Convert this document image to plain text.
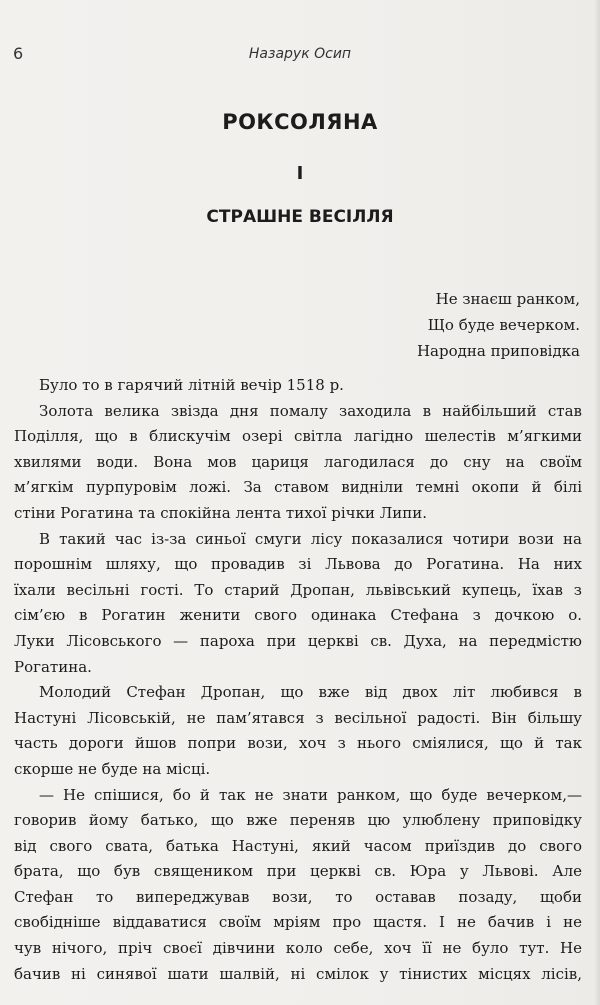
6	Назарук Осип
РОКСОЛЯНА
I
СТРАШНЕ ВЕСІЛЛЯ
Не знаєш ранком,
Що буде вечерком.
Народна приповідка
Було то в гарячий літній вечір 1518 р.
Золота велика звізда дня помалу заходила в найбільший став
Поділля, що в блискучім озері світла лагідно шелестів м’ягкими
хвилями води. Вона мов цариця лагодилася до сну на своїм
м’ягкім пурпуровім ложі. За ставом видніли темні окопи й білі
стіни Рогатина та спокійна лента тихої річки Липи.
В такий час із-за синьої смуги лісу показалися чотири вози на
порошнім шляху, що провадив зі Львова до Рогатина. На них
їхали весільні гості. То старий Дропан, львівський купець, їхав з
сім’єю в Рогатин женити свого одинака Стефана з дочкою о.
Луки Лісовського — пароха при церкві св. Духа, на передмістю
Рогатина.
Молодий Стефан Дропан, що вже від двох літ любився в
Настуні Лісовській, не пам’ятався з весільної радості. Він більшу
часть дороги йшов попри вози, хоч з нього сміялися, що й так
скорше не буде на місці.
— Не спішися, бо й так не знати ранком, що буде вечерком,—
говорив йому батько, що вже переняв цю улюблену приповідку
від свого свата, батька Настуні, який часом приїздив до свого
брата, що був священиком при церкві св. Юра у Львові. Але
Стефан то випереджував вози, то оставав позаду, щоби
свобідніше віддаватися своїм мріям про щастя. І не бачив і не
чув нічого, пріч своєї дівчини коло себе, хоч її не було тут. Не
бачив ні синявої шати шалвій, ні смілок у тінистих місцях лісів,
